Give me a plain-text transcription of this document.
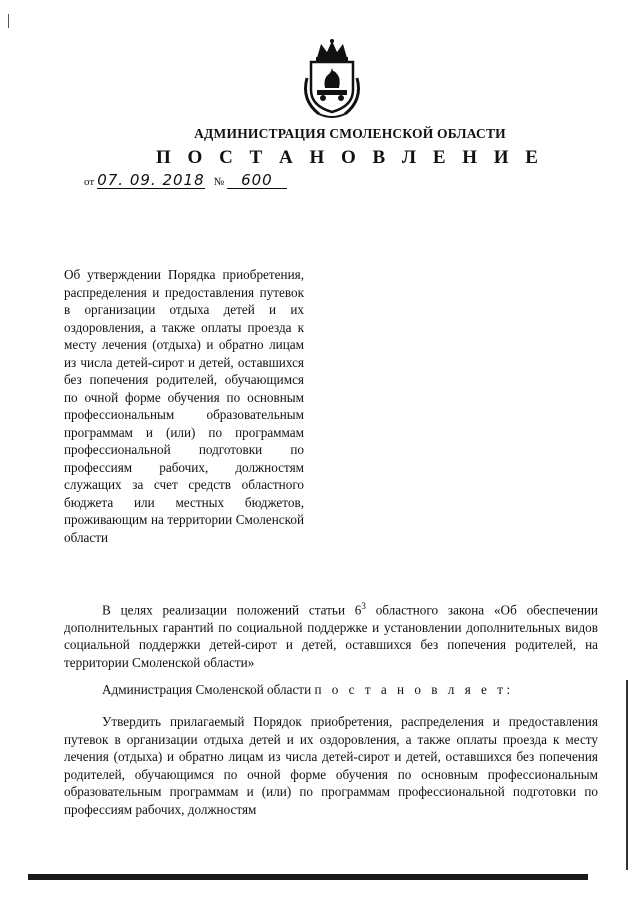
АДМИНИСТРАЦИЯ СМОЛЕНСКОЙ ОБЛАСТИ
П О С Т А Н О В Л Е Н И Е
от 07. 09. 2018 № 600
Об утверждении Порядка приобретения, распределения и предоставления путевок в организации отдыха детей и их оздоровления, а также оплаты проезда к месту лечения (отдыха) и обратно лицам из числа детей-сирот и детей, оставшихся без попечения родителей, обучающимся по очной форме обучения по основным профессиональным образовательным программам и (или) по программам профессиональной подготовки по профессиям рабочих, должностям служащих за счет средств областного бюджета или местных бюджетов, проживающим на территории Смоленской области
В целях реализации положений статьи $6^3$ областного закона «Об обеспечении дополнительных гарантий по социальной поддержке и установлении дополнительных видов социальной поддержки детей-сирот и детей, оставшихся без попечения родителей, на территории Смоленской области»
Администрация Смоленской области п о с т а н о в л я е т:
Утвердить прилагаемый Порядок приобретения, распределения и предоставления путевок в организации отдыха детей и их оздоровления, а также оплаты проезда к месту лечения (отдыха) и обратно лицам из числа детей-сирот и детей, оставшихся без попечения родителей, обучающимся по очной форме обучения по основным профессиональным образовательным программам и (или) по программам профессиональной подготовки по профессиям рабочих, должностям
